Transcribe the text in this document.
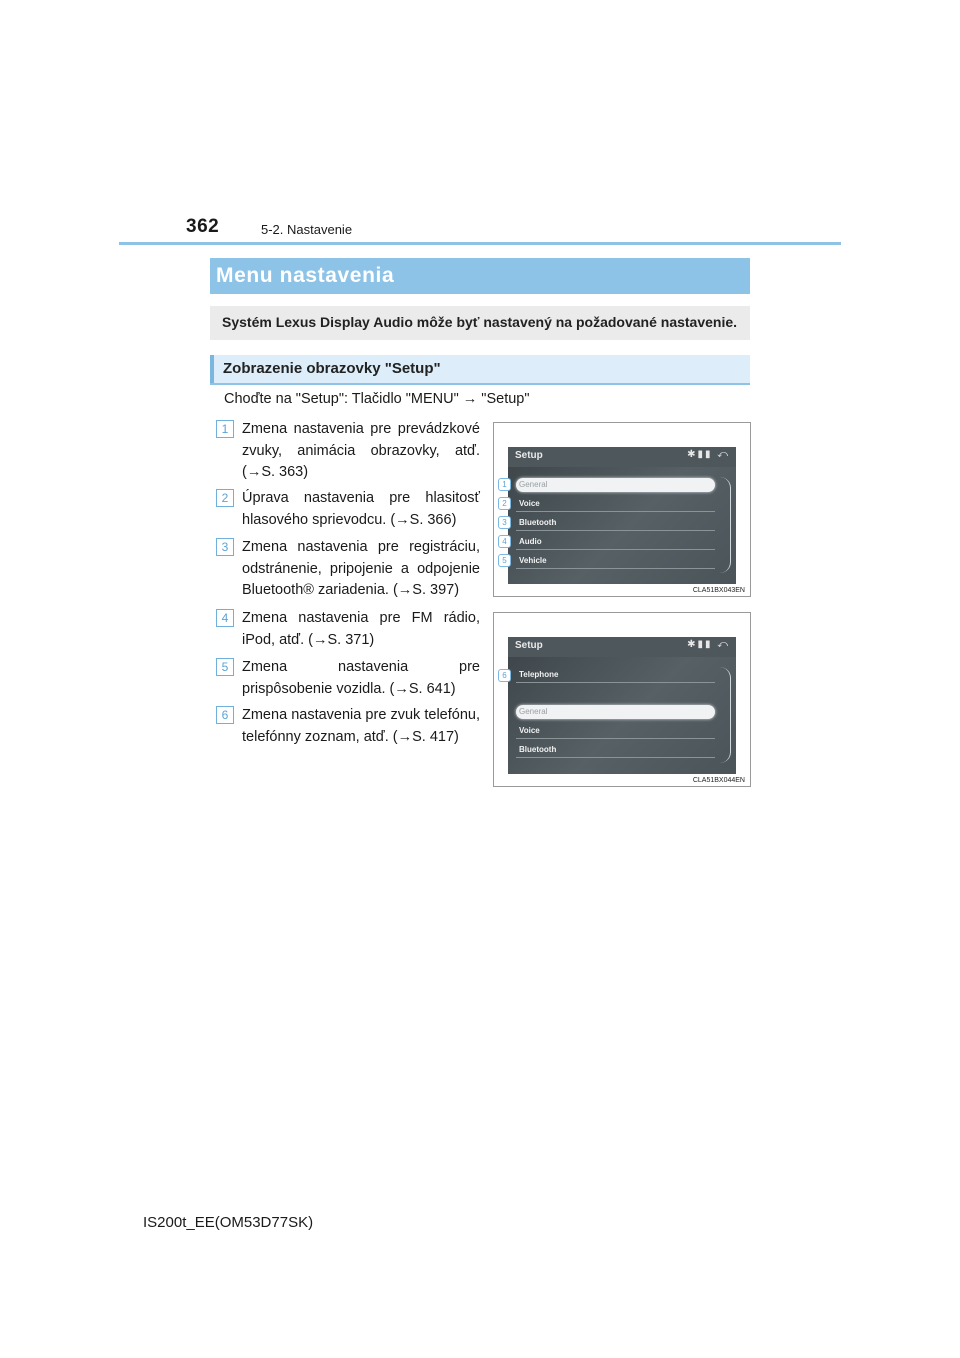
362	5-2. Nastavenie
Menu nastavenia
Systém Lexus Display Audio môže byť nastavený na požadované nastavenie.
Zobrazenie obrazovky "Setup"
Choďte na "Setup": Tlačidlo "MENU" → "Setup"
1 Zmena nastavenia pre prevádzkové zvuky, animácia obrazovky, atď. (→S. 363)

2 Úprava nastavenia pre hlasitosť hlasového sprievodcu. (→S. 366)

3 Zmena nastavenia pre registráciu, odstránenie, pripojenie a odpojenie Bluetooth® zariadenia. (→S. 397)

4 Zmena nastavenia pre FM rádio, iPod, atď. (→S. 371)

5 Zmena nastavenia pre prispôsobenie vozidla. (→S. 641)

6 Zmena nastavenia pre zvuk telefónu, telefónny zoznam, atď. (→S. 417)

Setup	✱▮▮ ⤺
General
Voice
Bluetooth
Audio
Vehicle
1
2
3
4
5
CLA51BX043EN
Setup	✱▮▮ ⤺
Telephone
General
Voice
Bluetooth
6
CLA51BX044EN
IS200t_EE(OM53D77SK)
